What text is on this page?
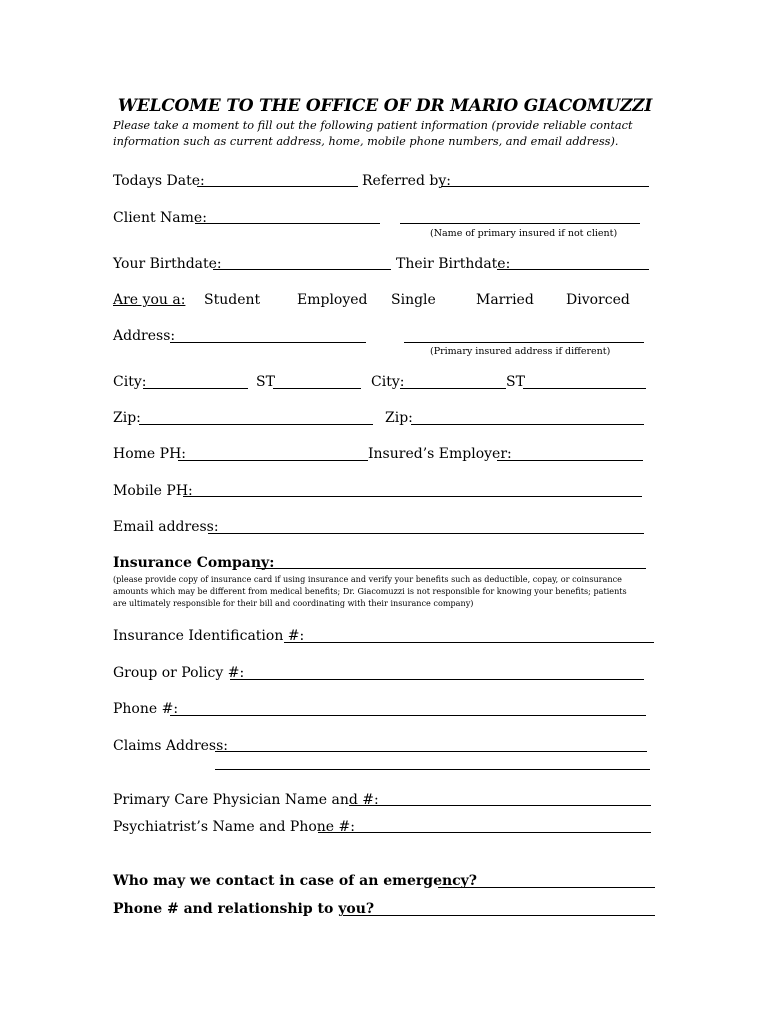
WELCOME TO THE OFFICE OF DR MARIO GIACOMUZZI
Please take a moment to fill out the following patient information (provide reliable contact
information such as current address, home, mobile phone numbers, and email address).
Todays Date:	Referred by:
Client Name:
(Name of primary insured if not client)
Your Birthdate:	Their Birthdate:
Are you a: Student	Employed Single	Married Divorced
Address:
(Primary insured address if different)
City:	ST	City:	ST
Zip:	Zip:
Home PH:	Insured’s Employer:
Mobile PH:
Email address:
Insurance Company:
(please provide copy of insurance card if using insurance and verify your benefits such as deductible, copay, or coinsurance
amounts which may be different from medical benefits; Dr. Giacomuzzi is not responsible for knowing your benefits; patients
are ultimately responsible for their bill and coordinating with their insurance company)
Insurance Identification #:
Group or Policy #:
Phone #:
Claims Address:
Primary Care Physician Name and #:
Psychiatrist’s Name and Phone #:
Who may we contact in case of an emergency?
Phone # and relationship to you?
